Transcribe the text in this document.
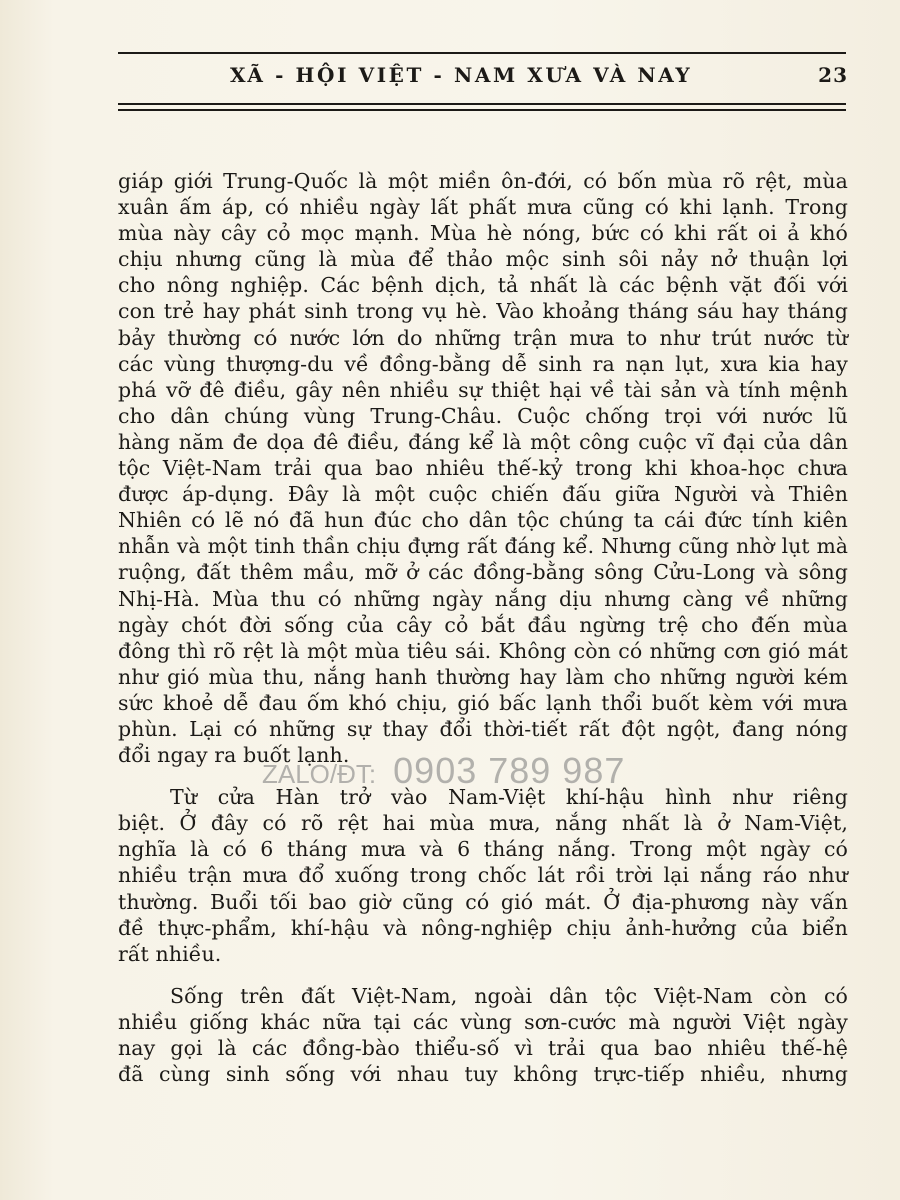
XÃ - HỘI VIỆT - NAM XƯA VÀ NAY	23
giáp giới Trung-Quốc là một miền ôn-đới, có bốn mùa rõ rệt, mùa
xuân ấm áp, có nhiều ngày lất phất mưa cũng có khi lạnh. Trong
mùa này cây cỏ mọc mạnh. Mùa hè nóng, bức có khi rất oi ả khó
chịu nhưng cũng là mùa để thảo mộc sinh sôi nảy nở thuận lợi
cho nông nghiệp. Các bệnh dịch, tả nhất là các bệnh vặt đối với
con trẻ hay phát sinh trong vụ hè. Vào khoảng tháng sáu hay tháng
bảy thường có nước lớn do những trận mưa to như trút nước từ
các vùng thượng-du về đồng-bằng dễ sinh ra nạn lụt, xưa kia hay
phá vỡ đê điều, gây nên nhiều sự thiệt hại về tài sản và tính mệnh
cho dân chúng vùng Trung-Châu. Cuộc chống trọi với nước lũ
hàng năm đe dọa đê điều, đáng kể là một công cuộc vĩ đại của dân
tộc Việt-Nam trải qua bao nhiêu thế-kỷ trong khi khoa-học chưa
được áp-dụng. Đây là một cuộc chiến đấu giữa Người và Thiên
Nhiên có lẽ nó đã hun đúc cho dân tộc chúng ta cái đức tính kiên
nhẫn và một tinh thần chịu đựng rất đáng kể. Nhưng cũng nhờ lụt mà
ruộng, đất thêm mầu, mỡ ở các đồng-bằng sông Cửu-Long và sông
Nhị-Hà. Mùa thu có những ngày nắng dịu nhưng càng về những
ngày chót đời sống của cây cỏ bắt đầu ngừng trệ cho đến mùa
đông thì rõ rệt là một mùa tiêu sái. Không còn có những cơn gió mát
như gió mùa thu, nắng hanh thường hay làm cho những người kém
sức khoẻ dễ đau ốm khó chịu, gió bấc lạnh thổi buốt kèm với mưa
phùn. Lại có những sự thay đổi thời-tiết rất đột ngột, đang nóng
đổi ngay ra buốt lạnh.
Từ cửa Hàn trở vào Nam-Việt khí-hậu hình như riêng
biệt. Ở đây có rõ rệt hai mùa mưa, nắng nhất là ở Nam-Việt,
nghĩa là có 6 tháng mưa và 6 tháng nắng. Trong một ngày có
nhiều trận mưa đổ xuống trong chốc lát rồi trời lại nắng ráo như
thường. Buổi tối bao giờ cũng có gió mát. Ở địa-phương này vấn
đề thực-phẩm, khí-hậu và nông-nghiệp chịu ảnh-hưởng của biển
rất nhiều.
Sống trên đất Việt-Nam, ngoài dân tộc Việt-Nam còn có
nhiều giống khác nữa tại các vùng sơn-cước mà người Việt ngày
nay gọi là các đồng-bào thiểu-số vì trải qua bao nhiêu thế-hệ
đã cùng sinh sống với nhau tuy không trực-tiếp nhiều, nhưng
ZALO/ĐT: 0903 789 987
